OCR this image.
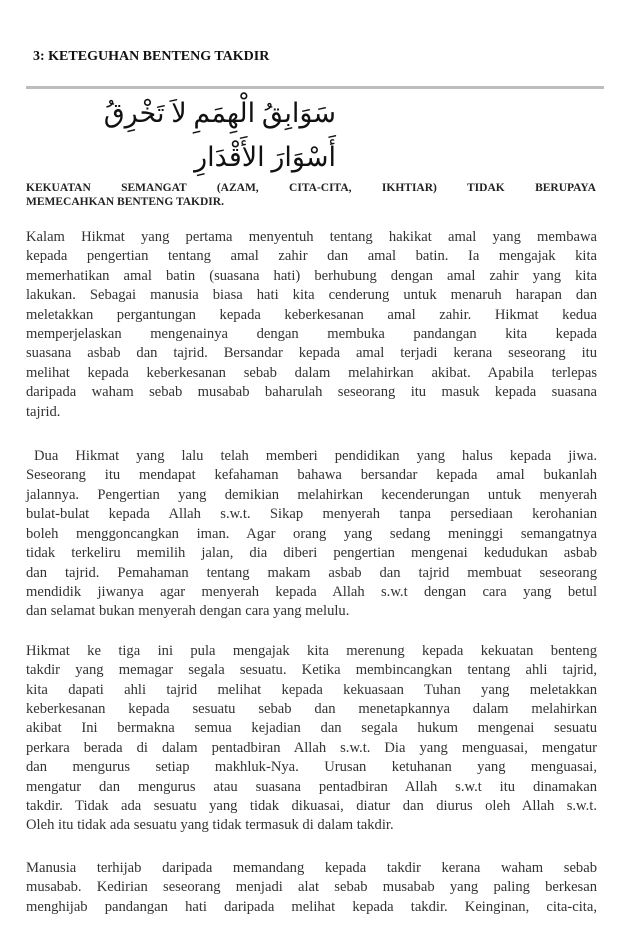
3: KETEGUHAN BENTENG TAKDIR
سَوَابِقُ الْهِمَمِ لاَ تَخْرِقُ أَسْوَارَ الأَقْدَارِ
KEKUATAN SEMANGAT (AZAM, CITA-CITA, IKHTIAR) TIDAK BERUPAYA
MEMECAHKAN BENTENG TAKDIR.
Kalam Hikmat yang pertama menyentuh tentang hakikat amal yang membawa
kepada pengertian tentang amal zahir dan amal batin. Ia mengajak kita
memerhatikan amal batin (suasana hati) berhubung dengan amal zahir yang kita
lakukan. Sebagai manusia biasa hati kita cenderung untuk menaruh harapan dan
meletakkan pergantungan kepada keberkesanan amal zahir. Hikmat kedua
memperjelaskan mengenainya dengan membuka pandangan kita kepada
suasana asbab dan tajrid. Bersandar kepada amal terjadi kerana seseorang itu
melihat kepada keberkesanan sebab dalam melahirkan akibat. Apabila terlepas
daripada waham sebab musabab baharulah seseorang itu masuk kepada suasana
tajrid.
Dua Hikmat yang lalu telah memberi pendidikan yang halus kepada jiwa.
Seseorang itu mendapat kefahaman bahawa bersandar kepada amal bukanlah
jalannya. Pengertian yang demikian melahirkan kecenderungan untuk menyerah
bulat-bulat kepada Allah s.w.t. Sikap menyerah tanpa persediaan kerohanian
boleh menggoncangkan iman. Agar orang yang sedang meninggi semangatnya
tidak terkeliru memilih jalan, dia diberi pengertian mengenai kedudukan asbab
dan tajrid. Pemahaman tentang makam asbab dan tajrid membuat seseorang
mendidik jiwanya agar menyerah kepada Allah s.w.t dengan cara yang betul
dan selamat bukan menyerah dengan cara yang melulu.
Hikmat ke tiga ini pula mengajak kita merenung kepada kekuatan benteng
takdir yang memagar segala sesuatu. Ketika membincangkan tentang ahli tajrid,
kita dapati ahli tajrid melihat kepada kekuasaan Tuhan yang meletakkan
keberkesanan kepada sesuatu sebab dan menetapkannya dalam melahirkan
akibat Ini bermakna semua kejadian dan segala hukum mengenai sesuatu
perkara berada di dalam pentadbiran Allah s.w.t. Dia yang menguasai, mengatur
dan mengurus setiap makhluk-Nya. Urusan ketuhanan yang menguasai,
mengatur dan mengurus atau suasana pentadbiran Allah s.w.t itu dinamakan
takdir. Tidak ada sesuatu yang tidak dikuasai, diatur dan diurus oleh Allah s.w.t.
Oleh itu tidak ada sesuatu yang tidak termasuk di dalam takdir.
Manusia terhijab daripada memandang kepada takdir kerana waham sebab
musabab. Kedirian seseorang menjadi alat sebab musabab yang paling berkesan
menghijab pandangan hati daripada melihat kepada takdir. Keinginan, cita-cita,
